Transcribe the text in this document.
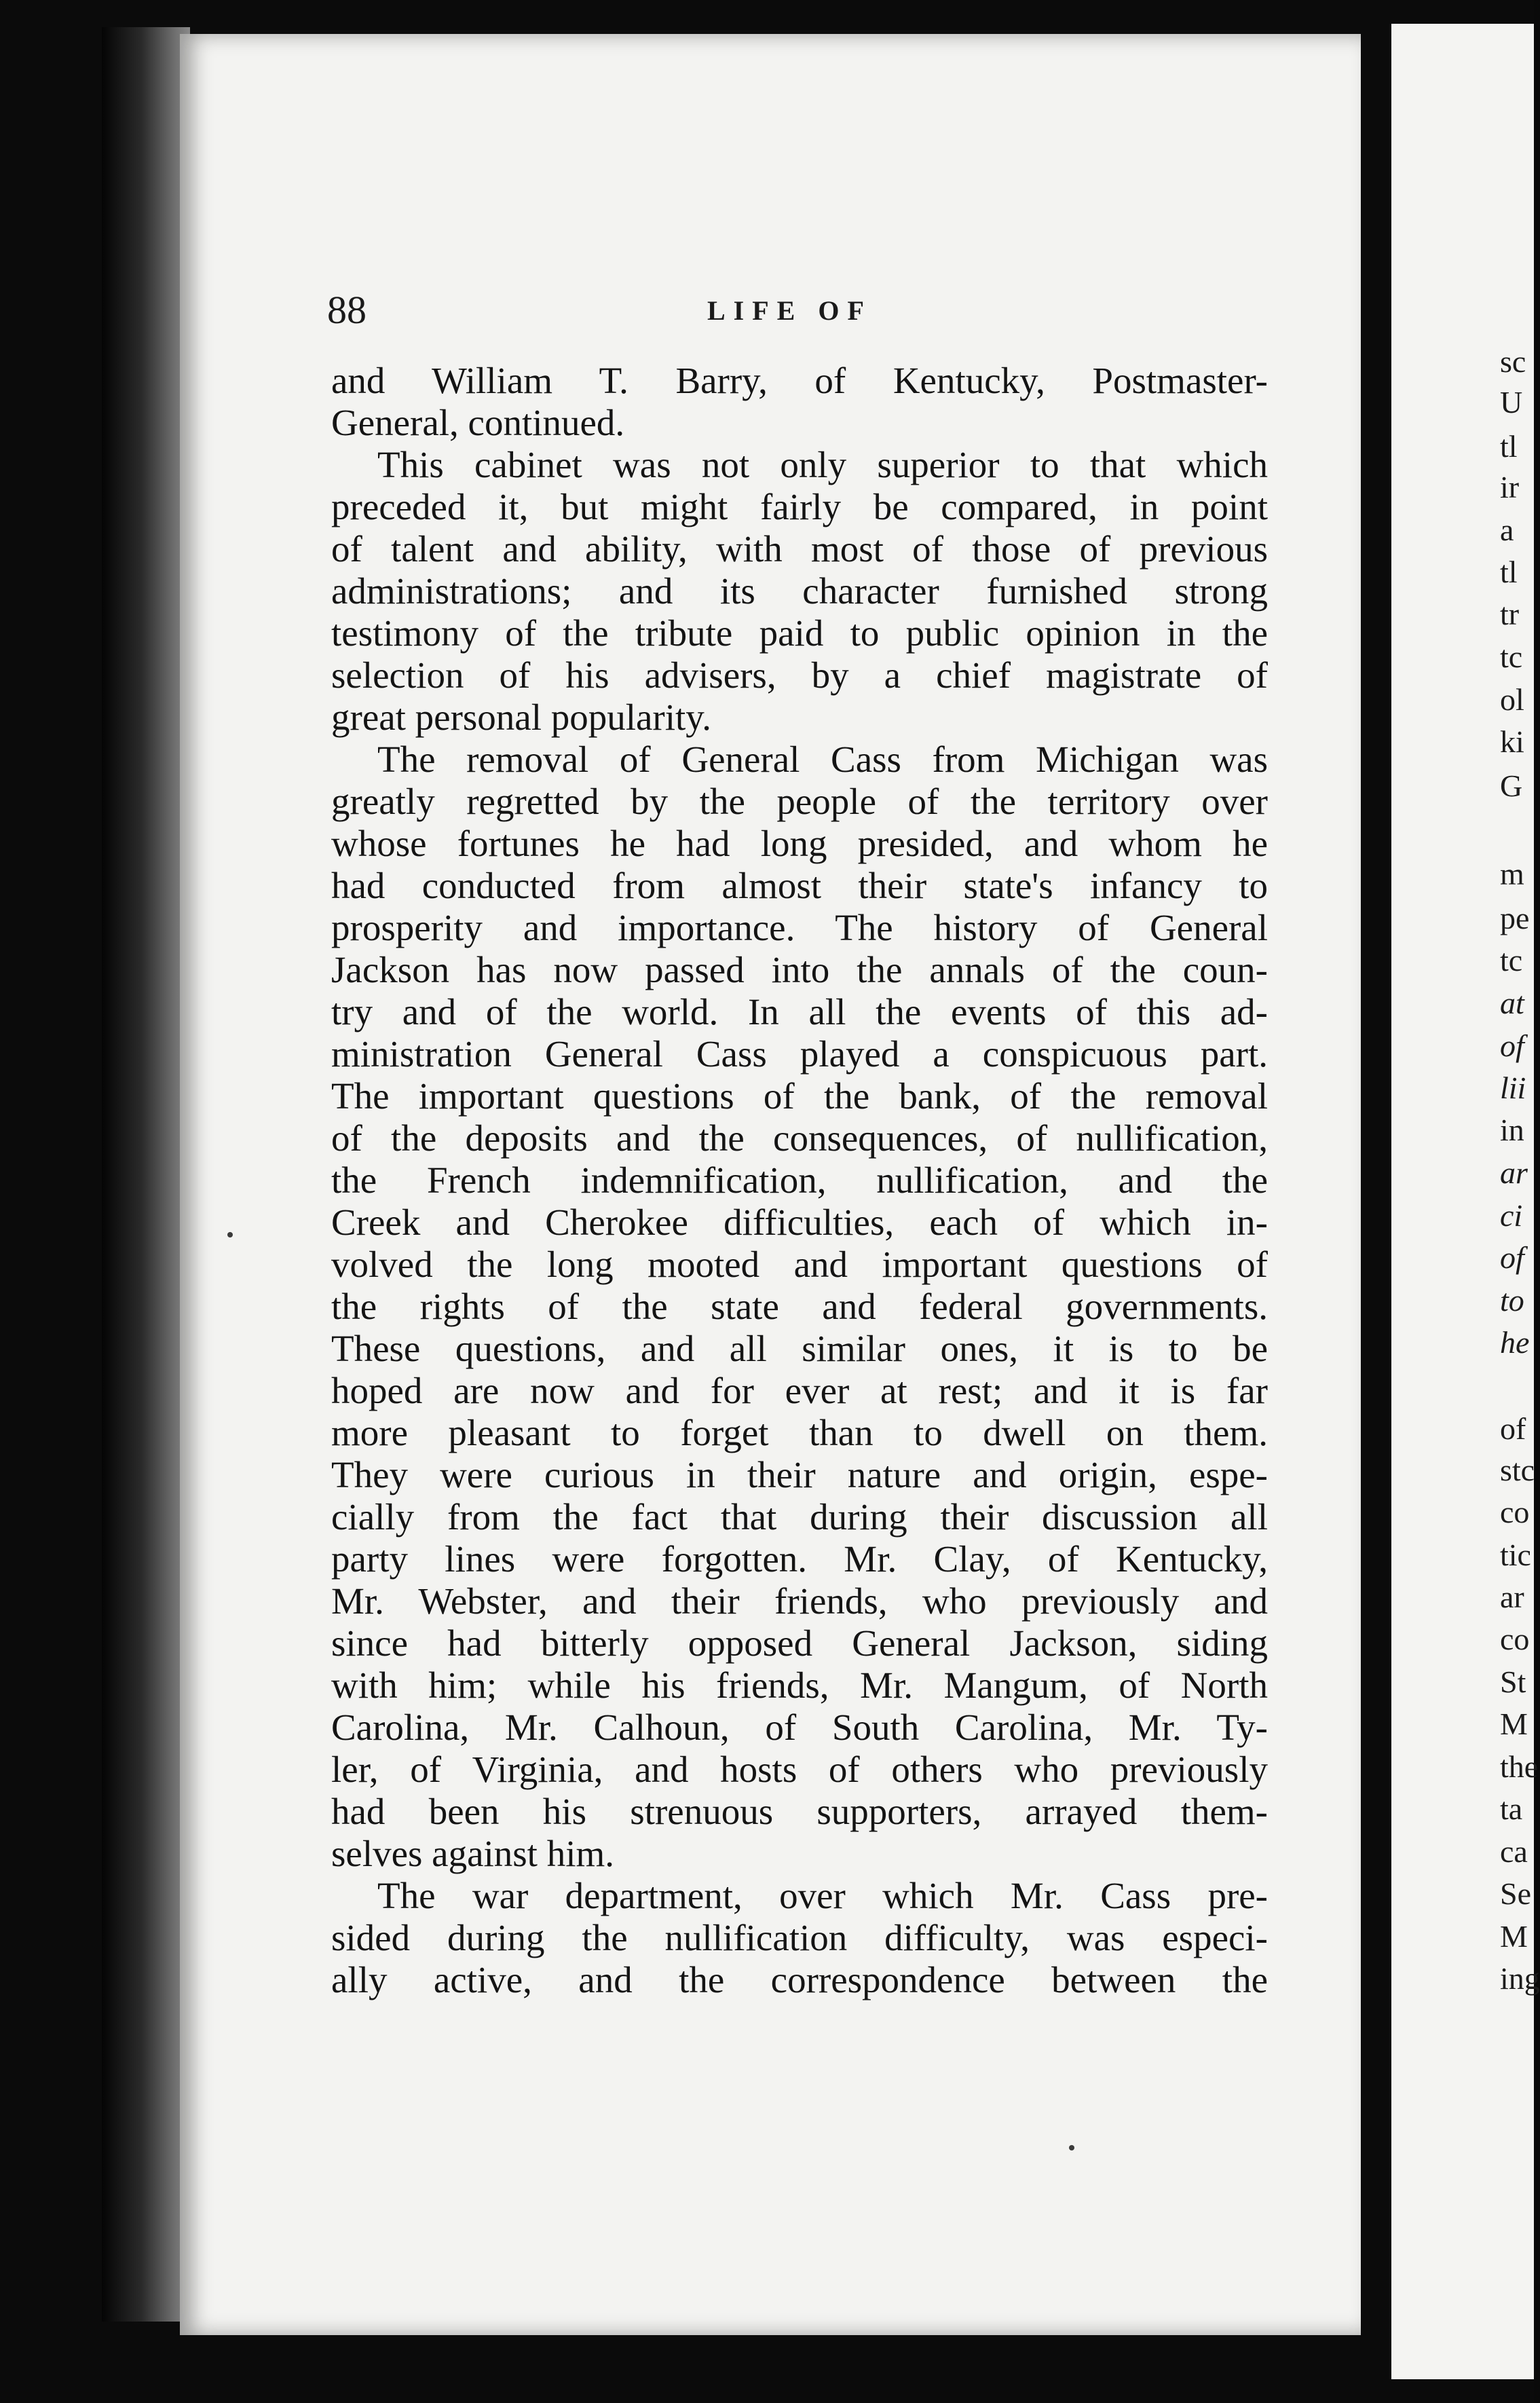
sc
U
tl
ir
a
tl
tr
tc
ol
ki
G
m
pe
tc
at
of
lii
in
ar
ci
of
to
he
of
stc
co
tic
ar
co
St
M
the
ta
ca
Se
M
ing
88	LIFE OF
and William T. Barry, of Kentucky, Postmaster-
General, continued.
This cabinet was not only superior to that which
preceded it, but might fairly be compared, in point
of talent and ability, with most of those of previous
administrations; and its character furnished strong
testimony of the tribute paid to public opinion in the
selection of his advisers, by a chief magistrate of
great personal popularity.
The removal of General Cass from Michigan was
greatly regretted by the people of the territory over
whose fortunes he had long presided, and whom he
had conducted from almost their state's infancy to
prosperity and importance. The history of General
Jackson has now passed into the annals of the coun-
try and of the world. In all the events of this ad-
ministration General Cass played a conspicuous part.
The important questions of the bank, of the removal
of the deposits and the consequences, of nullification,
the French indemnification, nullification, and the
Creek and Cherokee difficulties, each of which in-
volved the long mooted and important questions of
the rights of the state and federal governments.
These questions, and all similar ones, it is to be
hoped are now and for ever at rest; and it is far
more pleasant to forget than to dwell on them.
They were curious in their nature and origin, espe-
cially from the fact that during their discussion all
party lines were forgotten. Mr. Clay, of Kentucky,
Mr. Webster, and their friends, who previously and
since had bitterly opposed General Jackson, siding
with him; while his friends, Mr. Mangum, of North
Carolina, Mr. Calhoun, of South Carolina, Mr. Ty-
ler, of Virginia, and hosts of others who previously
had been his strenuous supporters, arrayed them-
selves against him.
The war department, over which Mr. Cass pre-
sided during the nullification difficulty, was especi-
ally active, and the correspondence between the
